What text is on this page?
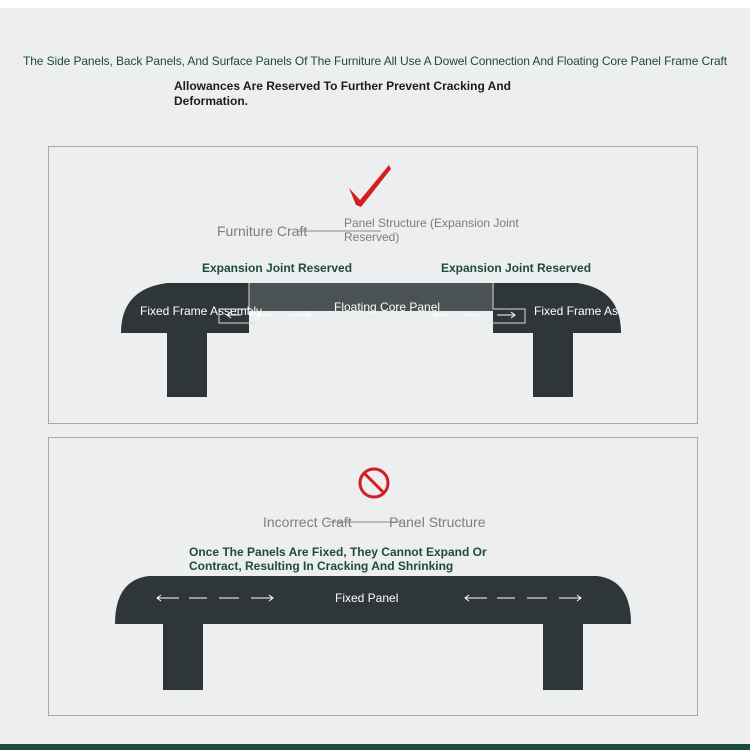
The Side Panels, Back Panels, And Surface Panels Of The Furniture All Use A Dowel Connection And Floating Core Panel Frame Craft
Allowances Are Reserved To Further Prevent Cracking And Deformation.
Furniture Craft	Panel Structure (Expansion Joint Reserved)
Expansion Joint Reserved	Expansion Joint Reserved
Fixed Frame Assembly	Floating Core Panel	Fixed Frame As
Incorrect Craft	Panel Structure
Once The Panels Are Fixed, They Cannot Expand Or Contract, Resulting In Cracking And Shrinking
Fixed Panel
